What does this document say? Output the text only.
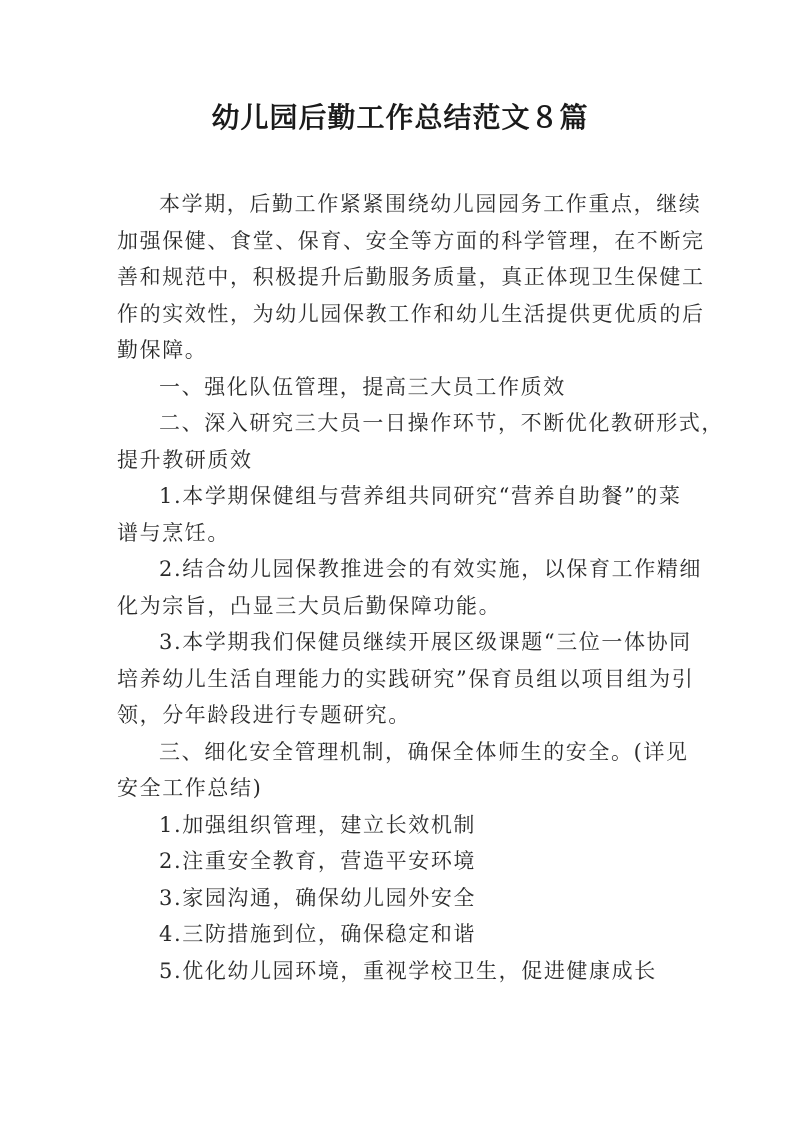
幼儿园后勤工作总结范文８篇
本学期，后勤工作紧紧围绕幼儿园园务工作重点，继续
加强保健、食堂、保育、安全等方面的科学管理，在不断完
善和规范中，积极提升后勤服务质量，真正体现卫生保健工
作的实效性，为幼儿园保教工作和幼儿生活提供更优质的后
勤保障。
一、强化队伍管理，提高三大员工作质效
二、深入研究三大员一日操作环节，不断优化教研形式，
提升教研质效
1.本学期保健组与营养组共同研究“营养自助餐”的菜
谱与烹饪。
2.结合幼儿园保教推进会的有效实施，以保育工作精细
化为宗旨，凸显三大员后勤保障功能。
3.本学期我们保健员继续开展区级课题“三位一体协同
培养幼儿生活自理能力的实践研究”保育员组以项目组为引
领，分年龄段进行专题研究。
三、细化安全管理机制，确保全体师生的安全。(详见
安全工作总结)
1.加强组织管理，建立长效机制
2.注重安全教育，营造平安环境
3.家园沟通，确保幼儿园外安全
4.三防措施到位，确保稳定和谐
5.优化幼儿园环境，重视学校卫生，促进健康成长
